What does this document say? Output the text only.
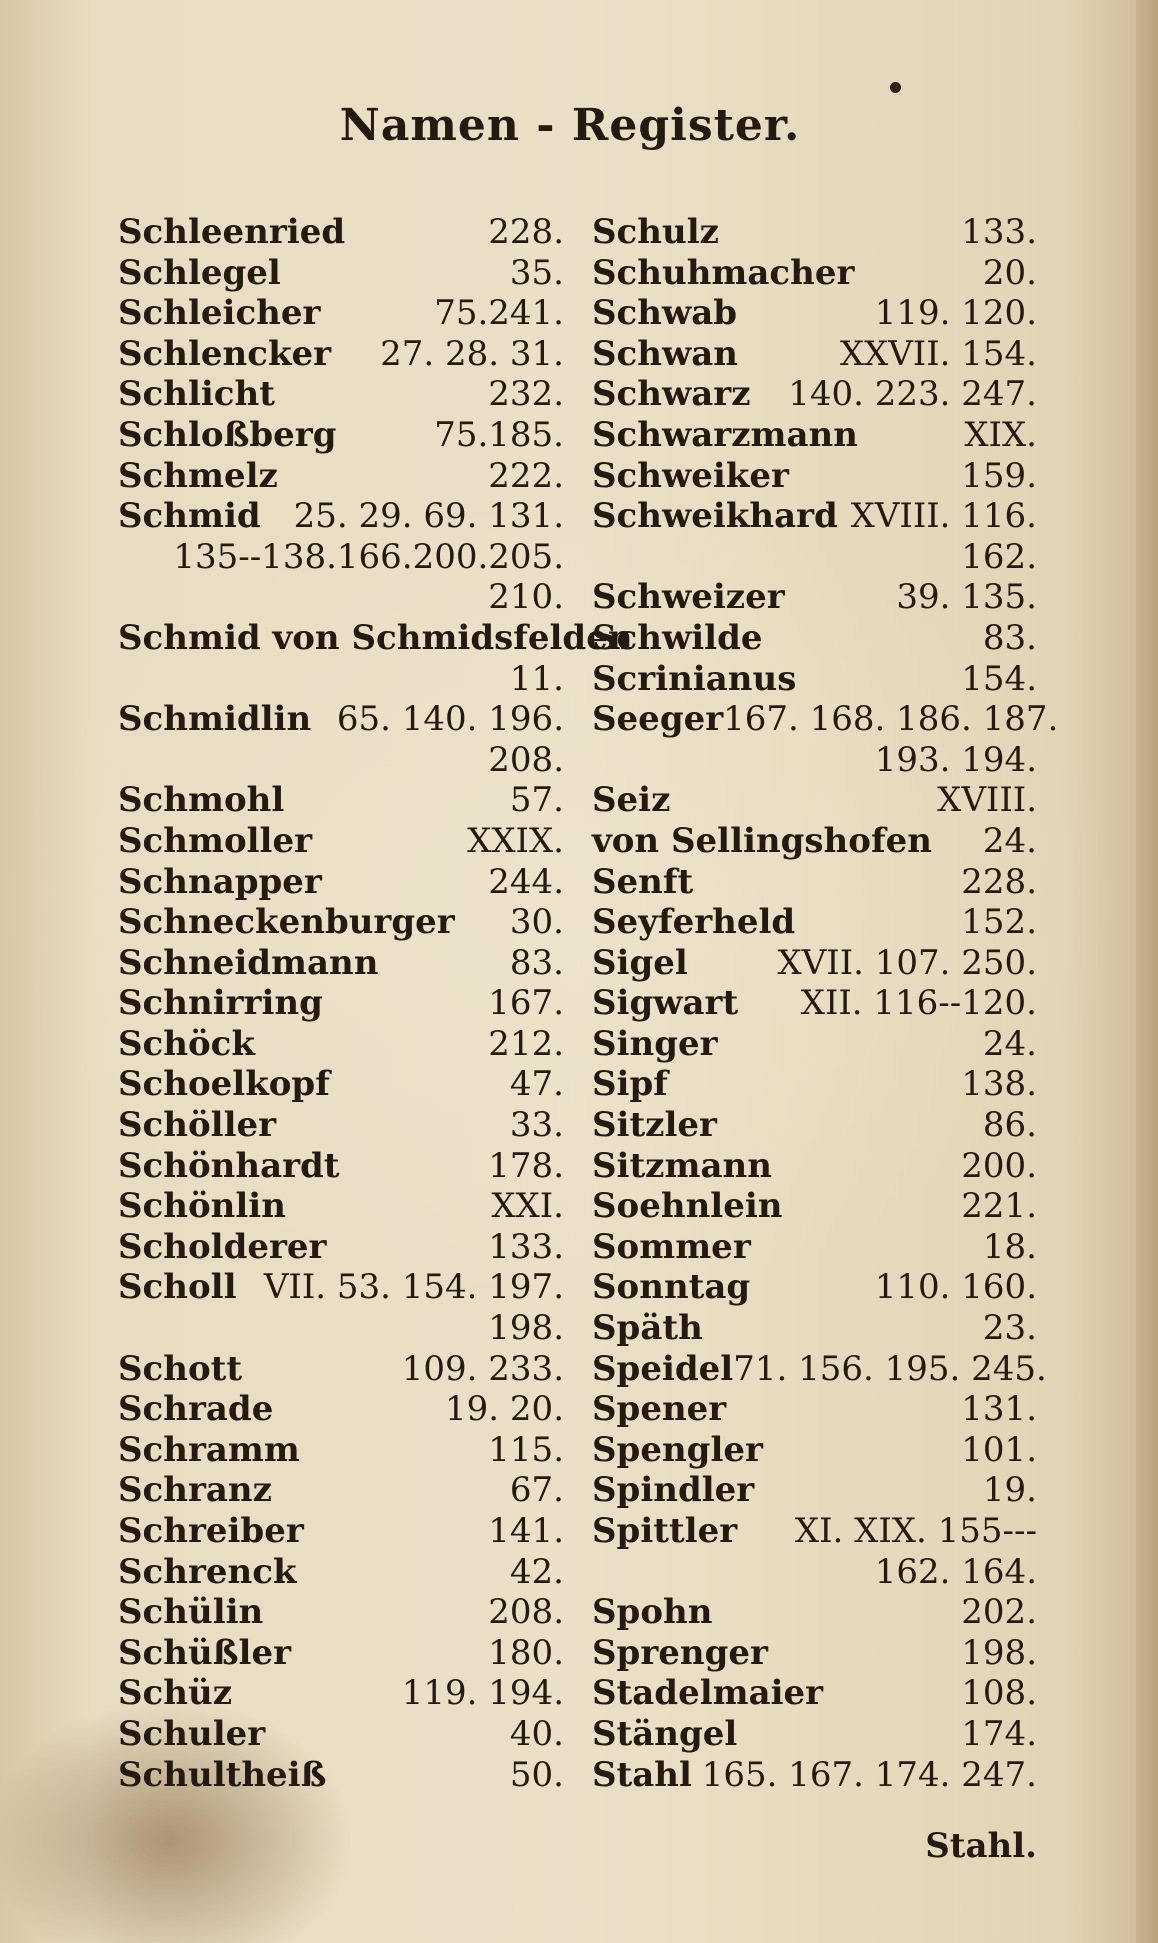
Namen - Register.
Schleenried	228.
Schlegel	35.
Schleicher	75.241.
Schlencker 27. 28. 31.
Schlicht	232.
Schloßberg	75.185.
Schmelz	222.
Schmid 25. 29. 69. 131.
135--138.166.200.205.
210.
Schmid von Schmidsfelden
11.
Schmidlin 65. 140. 196.
208.
Schmohl	57.
Schmoller	XXIX.
Schnapper	244.
Schneckenburger 30.
Schneidmann	83.
Schnirring	167.
Schöck	212.
Schoelkopf	47.
Schöller	33.
Schönhardt	178.
Schönlin	XXI.
Scholderer	133.
Scholl VII. 53. 154. 197.
198.
Schott	109. 233.
Schrade	19. 20.
Schramm	115.
Schranz	67.
Schreiber	141.
Schrenck	42.
Schülin	208.
Schüßler	180.
Schüz	119. 194.
Schuler	40.
Schultheiß	50.
Schulz	133.
Schuhmacher	20.
Schwab	119. 120.
Schwan	XXVII. 154.
Schwarz 140. 223. 247.
Schwarzmann	XIX.
Schweiker	159.
Schweikhard XVIII. 116.
162.
Schweizer	39. 135.
Schwilde	83.
Scrinianus	154.
Seeger 167. 168. 186. 187.
193. 194.
Seiz	XVIII.
von Sellingshofen 24.
Senft	228.
Seyferheld	152.
Sigel	XVII. 107. 250.
Sigwart XII. 116--120.
Singer	24.
Sipf	138.
Sitzler	86.
Sitzmann	200.
Soehnlein	221.
Sommer	18.
Sonntag	110. 160.
Späth	23.
Speidel 71. 156. 195. 245.
Spener	131.
Spengler	101.
Spindler	19.
Spittler XI. XIX. 155---
162. 164.
Spohn	202.
Sprenger	198.
Stadelmaier	108.
Stängel	174.
Stahl 165. 167. 174. 247.
Stahl.
